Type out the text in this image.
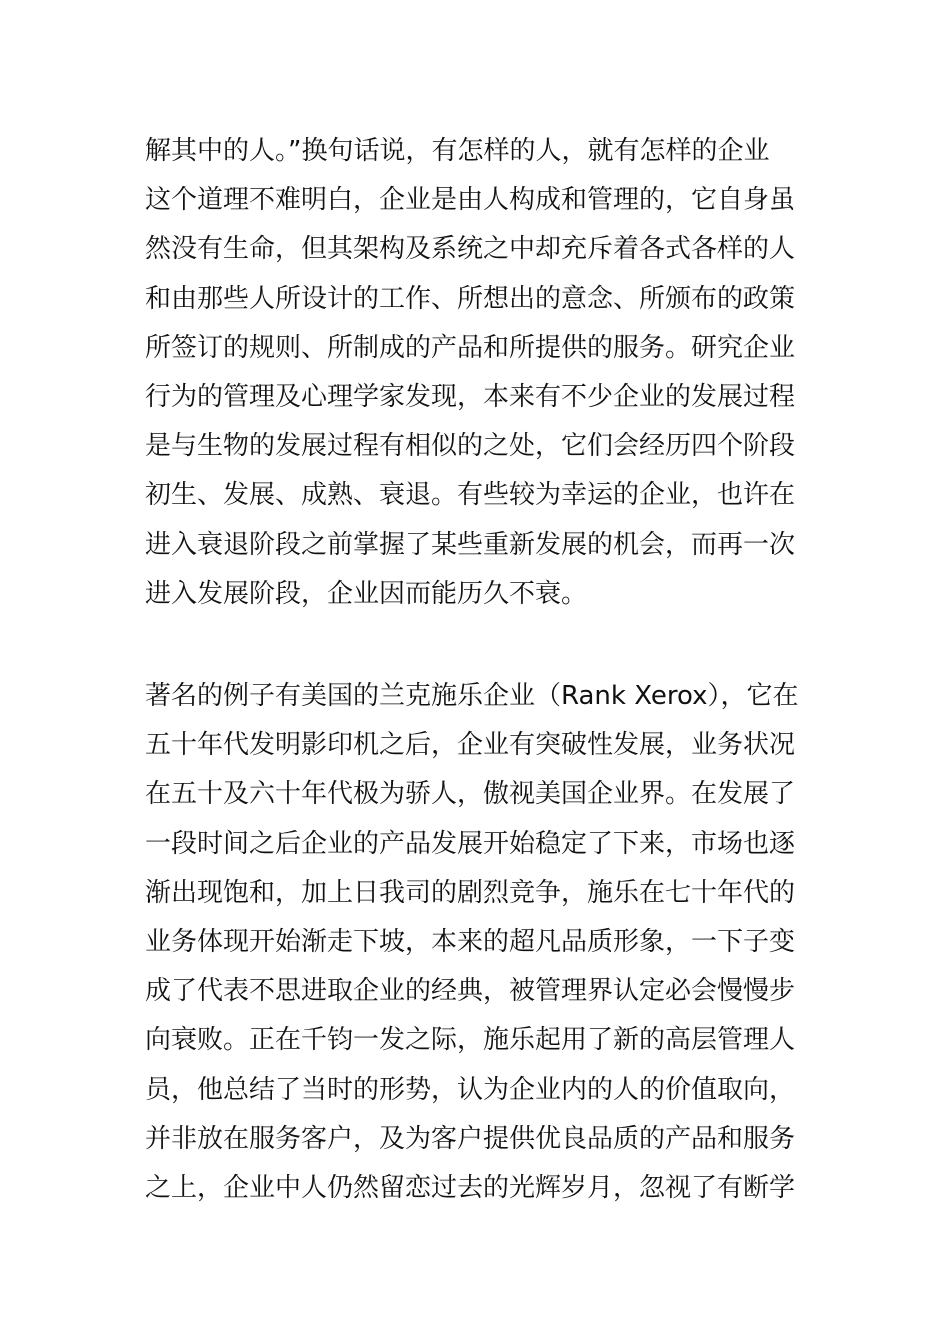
解其中的人。”换句话说，有怎样的人，就有怎样的企业
这个道理不难明白，企业是由人构成和管理的，它自身虽
然没有生命，但其架构及系统之中却充斥着各式各样的人
和由那些人所设计的工作、所想出的意念、所颁布的政策
所签订的规则、所制成的产品和所提供的服务。研究企业
行为的管理及心理学家发现，本来有不少企业的发展过程
是与生物的发展过程有相似的之处，它们会经历四个阶段
初生、发展、成熟、衰退。有些较为幸运的企业，也许在
进入衰退阶段之前掌握了某些重新发展的机会，而再一次
进入发展阶段，企业因而能历久不衰。
著名的例子有美国的兰克施乐企业（Rank Xerox），它在
五十年代发明影印机之后，企业有突破性发展，业务状况
在五十及六十年代极为骄人，傲视美国企业界。在发展了
一段时间之后企业的产品发展开始稳定了下来，市场也逐
渐出现饱和，加上日我司的剧烈竞争，施乐在七十年代的
业务体现开始渐走下坡，本来的超凡品质形象，一下子变
成了代表不思进取企业的经典，被管理界认定必会慢慢步
向衰败。正在千钧一发之际，施乐起用了新的高层管理人
员，他总结了当时的形势，认为企业内的人的价值取向，
并非放在服务客户，及为客户提供优良品质的产品和服务
之上，企业中人仍然留恋过去的光辉岁月，忽视了有断学
